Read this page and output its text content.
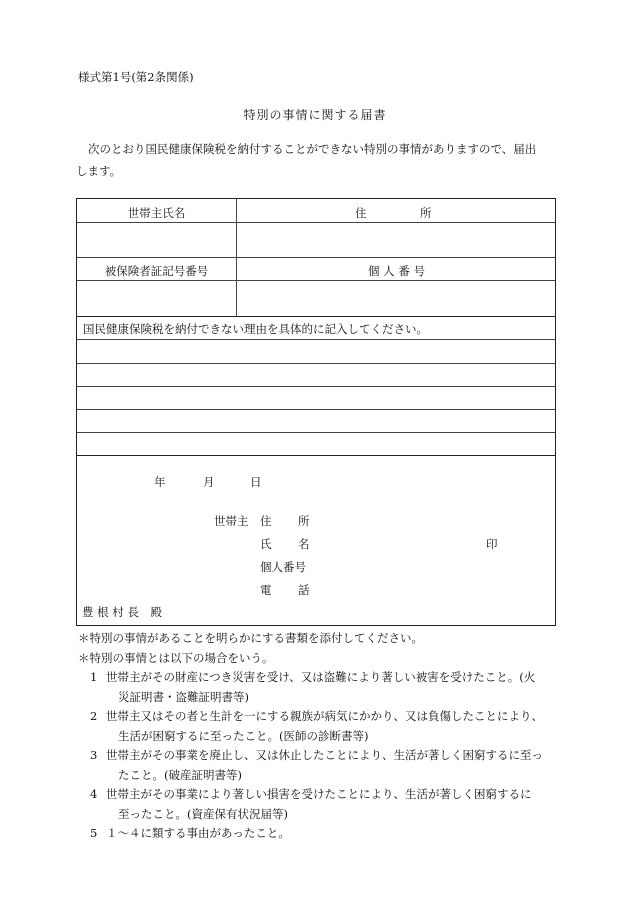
様式第1号(第2条関係)
特別の事情に関する届書
次のとおり国民健康保険税を納付することができない特別の事情がありますので、届出
します。
世帯主氏名	住	所
被保険者証記号番号	個 人 番 号
国民健康保険税を納付できない理由を具体的に記入してください。
年	月	日
世帯主 住 所
氏 名	印
個人番号
電 話
豊 根 村 長　殿
＊特別の事情があることを明らかにする書類を添付してください。
＊特別の事情とは以下の場合をいう。
1 世帯主がその財産につき災害を受け、又は盗難により著しい被害を受けたこと。(火
災証明書・盗難証明書等)
2 世帯主又はその者と生計を一にする親族が病気にかかり、又は負傷したことにより、
生活が困窮するに至ったこと。(医師の診断書等)
3 世帯主がその事業を廃止し、又は休止したことにより、生活が著しく困窮するに至っ
たこと。(破産証明書等)
4 世帯主がその事業により著しい損害を受けたことにより、生活が著しく困窮するに
至ったこと。(資産保有状況届等)
5 １～４に類する事由があったこと。
